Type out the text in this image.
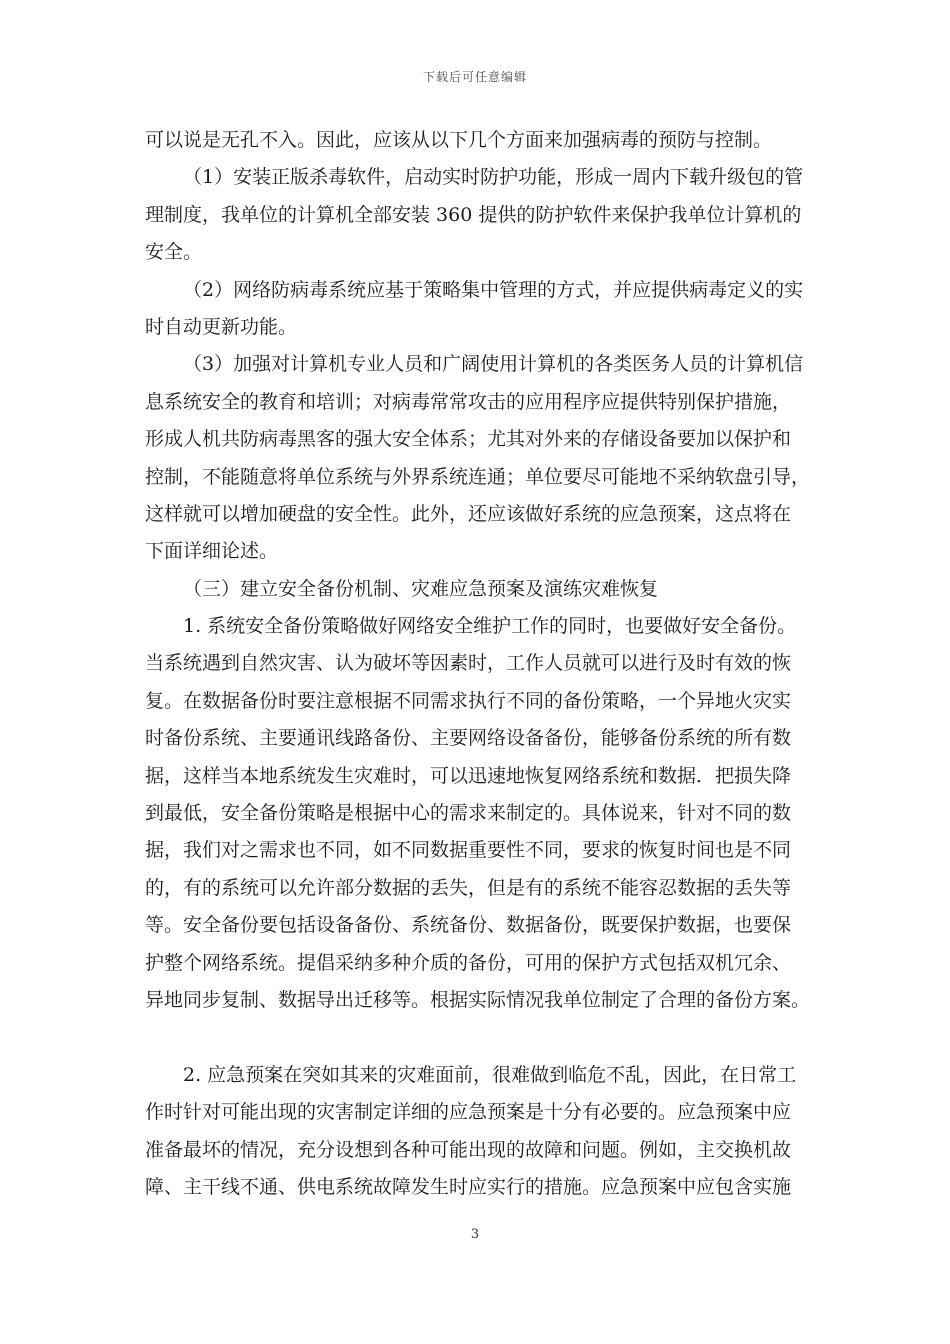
下载后可任意编辑
可以说是无孔不入。因此，应该从以下几个方面来加强病毒的预防与控制。
（1）安装正版杀毒软件，启动实时防护功能，形成一周内下载升级包的管
理制度，我单位的计算机全部安装 360 提供的防护软件来保护我单位计算机的
安全。
（2）网络防病毒系统应基于策略集中管理的方式，并应提供病毒定义的实
时自动更新功能。
（3）加强对计算机专业人员和广阔使用计算机的各类医务人员的计算机信
息系统安全的教育和培训；对病毒常常攻击的应用程序应提供特别保护措施，
形成人机共防病毒黑客的强大安全体系；尤其对外来的存储设备要加以保护和
控制，不能随意将单位系统与外界系统连通；单位要尽可能地不采纳软盘引导，
这样就可以增加硬盘的安全性。此外，还应该做好系统的应急预案，这点将在
下面详细论述。
（三）建立安全备份机制、灾难应急预案及演练灾难恢复
1. 系统安全备份策略做好网络安全维护工作的同时，也要做好安全备份。
当系统遇到自然灾害、认为破坏等因素时，工作人员就可以进行及时有效的恢
复。在数据备份时要注意根据不同需求执行不同的备份策略，一个异地火灾实
时备份系统、主要通讯线路备份、主要网络设备备份，能够备份系统的所有数
据，这样当本地系统发生灾难时，可以迅速地恢复网络系统和数据．把损失降
到最低，安全备份策略是根据中心的需求来制定的。具体说来，针对不同的数
据，我们对之需求也不同，如不同数据重要性不同，要求的恢复时间也是不同
的，有的系统可以允许部分数据的丢失，但是有的系统不能容忍数据的丢失等
等。安全备份要包括设备备份、系统备份、数据备份，既要保护数据，也要保
护整个网络系统。提倡采纳多种介质的备份，可用的保护方式包括双机冗余、
异地同步复制、数据导出迁移等。根据实际情况我单位制定了合理的备份方案。
2. 应急预案在突如其来的灾难面前，很难做到临危不乱，因此，在日常工
作时针对可能出现的灾害制定详细的应急预案是十分有必要的。应急预案中应
准备最坏的情况，充分设想到各种可能出现的故障和问题。例如，主交换机故
障、主干线不通、供电系统故障发生时应实行的措施。应急预案中应包含实施
3
